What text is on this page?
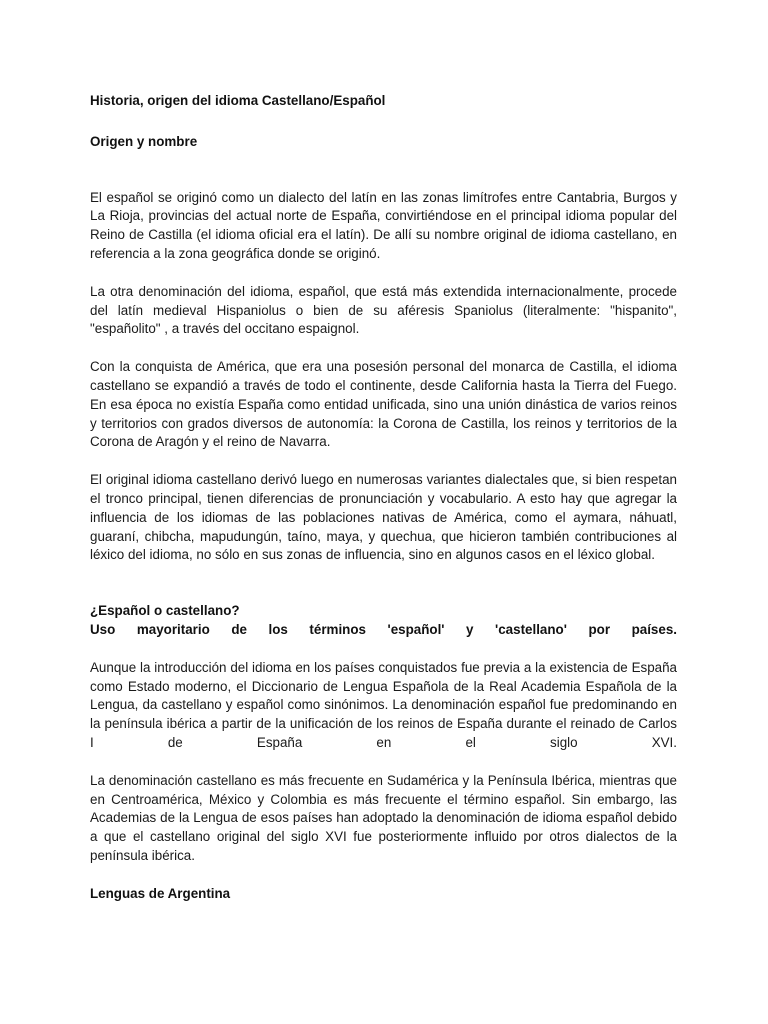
Historia, origen del idioma Castellano/Español
Origen y nombre

El español se originó como un dialecto del latín en las zonas limítrofes entre Cantabria, Burgos y La Rioja, provincias del actual norte de España, convirtiéndose en el principal idioma popular del Reino de Castilla (el idioma oficial era el latín). De allí su nombre original de idioma castellano, en referencia a la zona geográfica donde se originó.

La otra denominación del idioma, español, que está más extendida internacionalmente, procede del latín medieval Hispaniolus o bien de su aféresis Spaniolus (literalmente: "hispanito", "españolito" , a través del occitano espaignol.

Con la conquista de América, que era una posesión personal del monarca de Castilla, el idioma castellano se expandió a través de todo el continente, desde California hasta la Tierra del Fuego. En esa época no existía España como entidad unificada, sino una unión dinástica de varios reinos y territorios con grados diversos de autonomía: la Corona de Castilla, los reinos y territorios de la Corona de Aragón y el reino de Navarra.

El original idioma castellano derivó luego en numerosas variantes dialectales que, si bien respetan el tronco principal, tienen diferencias de pronunciación y vocabulario. A esto hay que agregar la influencia de los idiomas de las poblaciones nativas de América, como el aymara, náhuatl, guaraní, chibcha, mapudungún, taíno, maya, y quechua, que hicieron también contribuciones al léxico del idioma, no sólo en sus zonas de influencia, sino en algunos casos en el léxico global.

¿Español o castellano?
Uso mayoritario de los términos 'español' y 'castellano' por países.

Aunque la introducción del idioma en los países conquistados fue previa a la existencia de España como Estado moderno, el Diccionario de Lengua Española de la Real Academia Española de la Lengua, da castellano y español como sinónimos. La denominación español fue predominando en la península ibérica a partir de la unificación de los reinos de España durante el reinado de Carlos I de España en el siglo XVI.

La denominación castellano es más frecuente en Sudamérica y la Península Ibérica, mientras que en Centroamérica, México y Colombia es más frecuente el término español. Sin embargo, las Academias de la Lengua de esos países han adoptado la denominación de idioma español debido a que el castellano original del siglo XVI fue posteriormente influido por otros dialectos de la península ibérica.

Lenguas de Argentina
